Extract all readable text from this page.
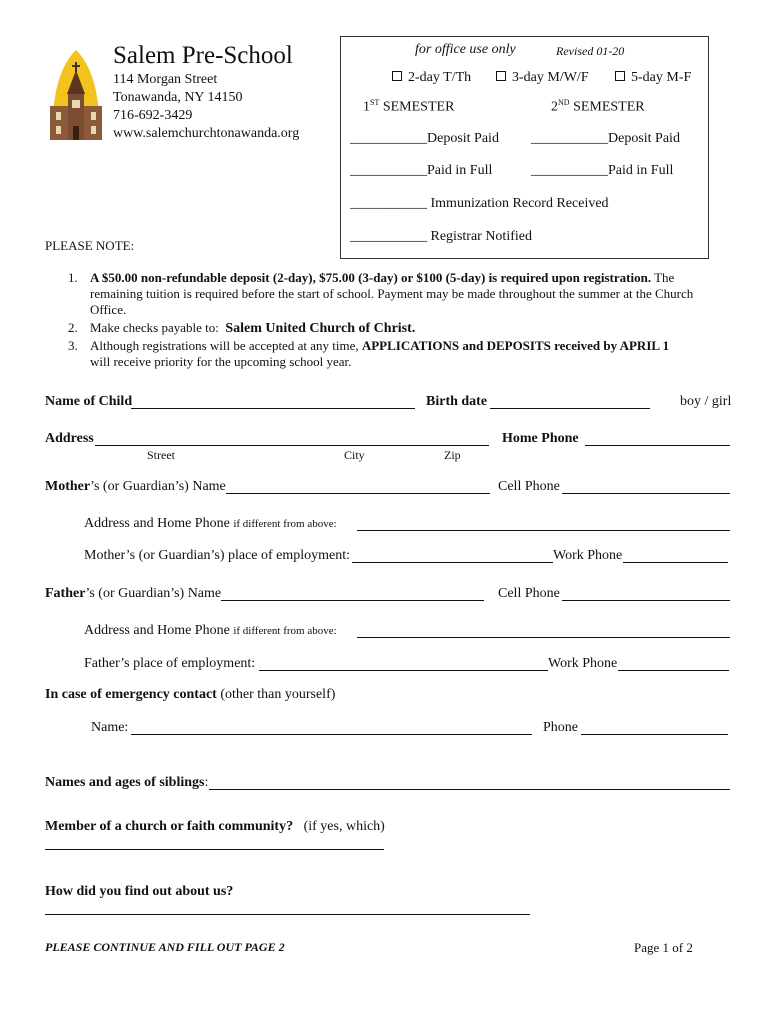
Salem Pre-School
114 Morgan Street
Tonawanda, NY 14150
716-692-3429
www.salemchurchtonawanda.org
for office use only	Revised 01-20
2-day T/Th	3-day M/W/F	5-day M-F
1ST SEMESTER	2ND SEMESTER
___________Deposit Paid ___________Deposit Paid
___________Paid in Full	___________Paid in Full
___________ Immunization Record Received
___________ Registrar Notified
PLEASE NOTE:
1. A $50.00 non-refundable deposit (2-day), $75.00 (3-day) or $100 (5-day) is required upon registration. The remaining tuition is required before the start of school. Payment may be made throughout the summer at the Church Office.
2. Make checks payable to: Salem United Church of Christ.
3. Although registrations will be accepted at any time, APPLICATIONS and DEPOSITS received by APRIL 1 will receive priority for the upcoming school year.
Name of Child	Birth date	boy / girl
Address	Home Phone
Street	City	Zip
Mother’s (or Guardian’s) Name	Cell Phone
Address and Home Phone if different from above:
Mother’s (or Guardian’s) place of employment:	Work Phone
Father’s (or Guardian’s) Name	Cell Phone
Address and Home Phone if different from above:
Father’s place of employment:	Work Phone
In case of emergency contact (other than yourself)
Name:	Phone
Names and ages of siblings:
Member of a church or faith community? (if yes, which)
How did you find out about us?
PLEASE CONTINUE AND FILL OUT PAGE 2	Page 1 of 2
